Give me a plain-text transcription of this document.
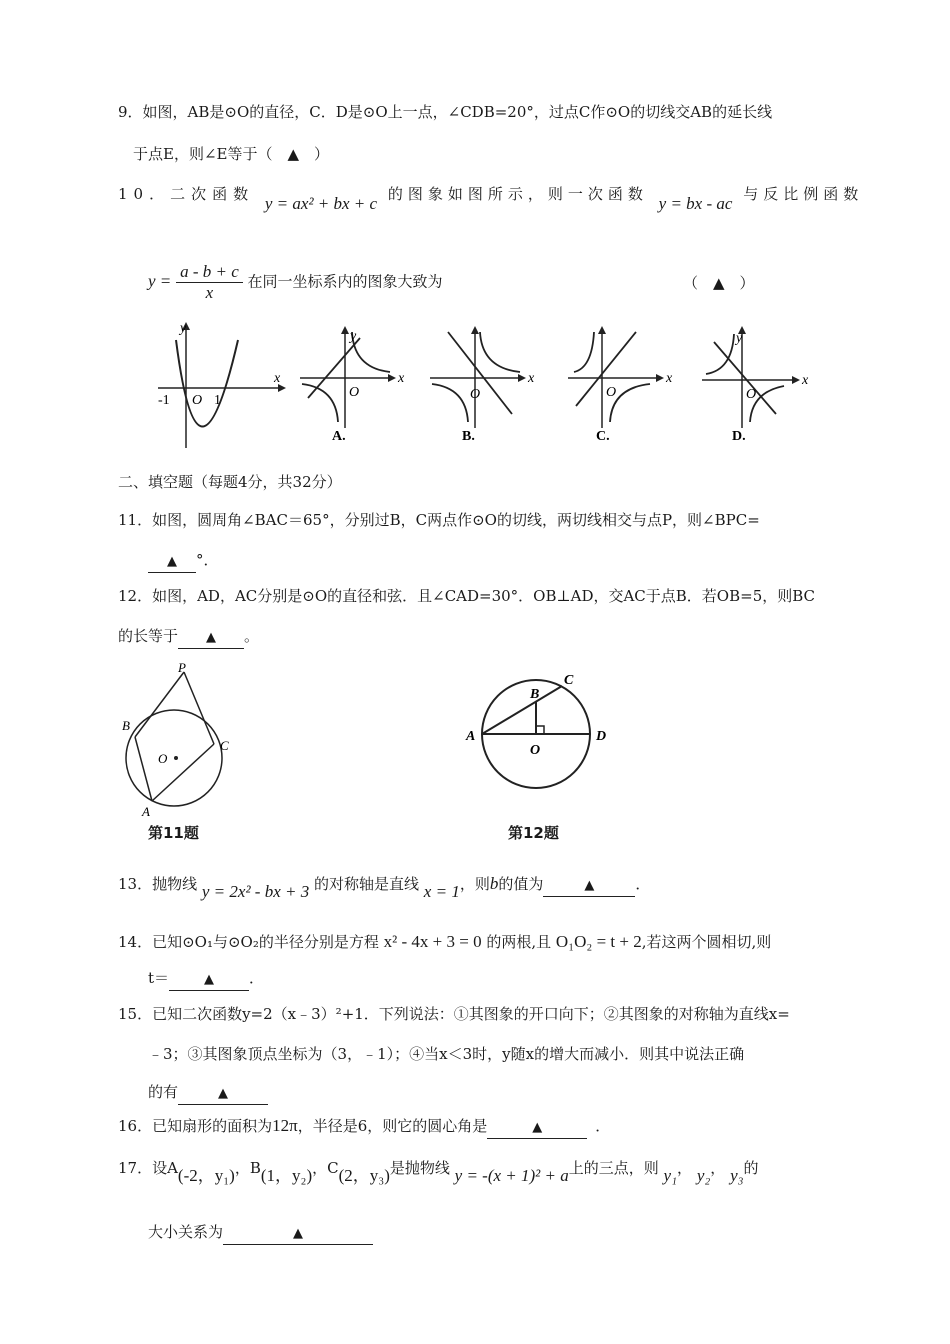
9．如图，AB是⊙O的直径，C．D是⊙O上一点，∠CDB=20°，过点C作⊙O的切线交AB的延长线
于点E，则∠E等于（　▲　）
10．二次函数 y = ax² + bx + c 的图象如图所示，则一次函数 y = bx - ac 与反比例函数
$y = \frac{a - b + c}{x}$ 在同一坐标系内的图象大致为	（　▲　）
y
x
-1 O 1
y
x
O
A.
x
O
B.
x
O
C.
y
x
O
D.
二、填空题（每题4分，共32分）
11．如图，圆周角∠BAC＝65°，分别过B，C两点作⊙O的切线，两切线相交与点P，则∠BPC=
▲ °．
12．如图，AD，AC分别是⊙O的直径和弦．且∠CAD=30°．OB⊥AD，交AC于点B．若OB=5，则BC
的长等于 ▲ 。
P
B
C
O
A
第11题
A
B
C
O
D
第12题
13．抛物线 y = 2x² - bx + 3 的对称轴是直线 x = 1，则b的值为	▲	．
14．已知⊙O₁与⊙O₂的半径分别是方程 x² - 4x + 3 = 0 的两根,且 O₁O₂ = t + 2,若这两个圆相切,则
t＝	▲ ．
15．已知二次函数y=2（x﹣3）²+1．下列说法：①其图象的开口向下；②其图象的对称轴为直线x=
﹣3；③其图象顶点坐标为（3，﹣1）；④当x＜3时，y随x的增大而减小．则其中说法正确
的有	▲
16．已知扇形的面积为12π，半径是6，则它的圆心角是	▲	．
17．设A(-2，y₁)，B(1，y₂)，C(2，y₃)是抛物线 y = -(x + 1)² + a上的三点，则 y₁， y₂， y₃的
大小关系为	▲
